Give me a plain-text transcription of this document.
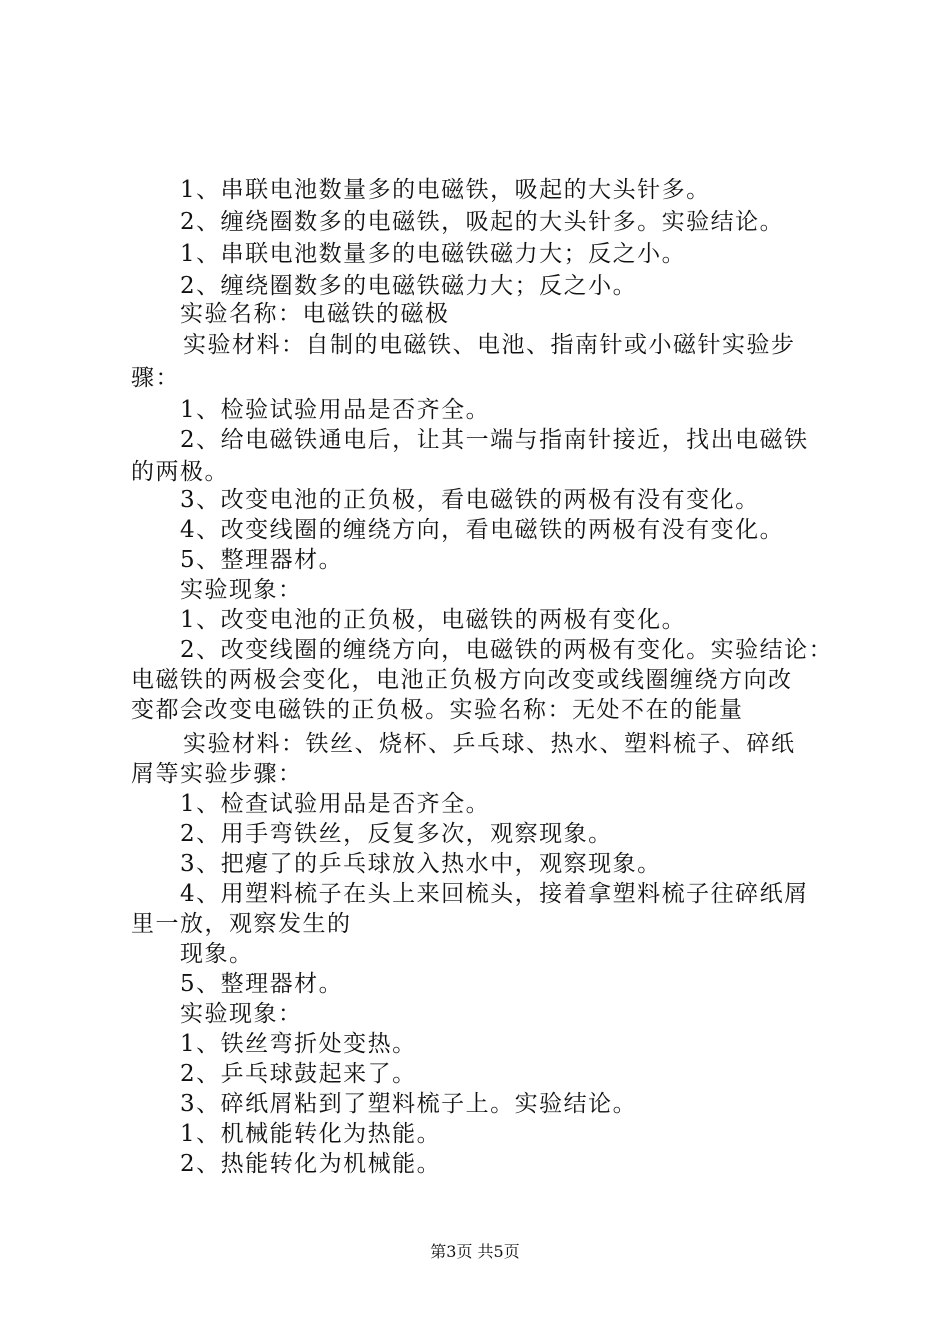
1、串联电池数量多的电磁铁，吸起的大头针多。
2、缠绕圈数多的电磁铁，吸起的大头针多。实验结论。
1、串联电池数量多的电磁铁磁力大；反之小。
2、缠绕圈数多的电磁铁磁力大；反之小。
实验名称：电磁铁的磁极
实验材料：自制的电磁铁、电池、指南针或小磁针实验步
骤：
1、检验试验用品是否齐全。
2、给电磁铁通电后，让其一端与指南针接近，找出电磁铁
的两极。
3、改变电池的正负极，看电磁铁的两极有没有变化。
4、改变线圈的缠绕方向，看电磁铁的两极有没有变化。
5、整理器材。
实验现象：
1、改变电池的正负极，电磁铁的两极有变化。
2、改变线圈的缠绕方向，电磁铁的两极有变化。实验结论：
电磁铁的两极会变化，电池正负极方向改变或线圈缠绕方向改
变都会改变电磁铁的正负极。实验名称：无处不在的能量
实验材料：铁丝、烧杯、乒乓球、热水、塑料梳子、碎纸
屑等实验步骤：
1、检查试验用品是否齐全。
2、用手弯铁丝，反复多次，观察现象。
3、把瘪了的乒乓球放入热水中，观察现象。
4、用塑料梳子在头上来回梳头，接着拿塑料梳子往碎纸屑
里一放，观察发生的
现象。
5、整理器材。
实验现象：
1、铁丝弯折处变热。
2、乒乓球鼓起来了。
3、碎纸屑粘到了塑料梳子上。实验结论。
1、机械能转化为热能。
2、热能转化为机械能。
第3页 共5页
